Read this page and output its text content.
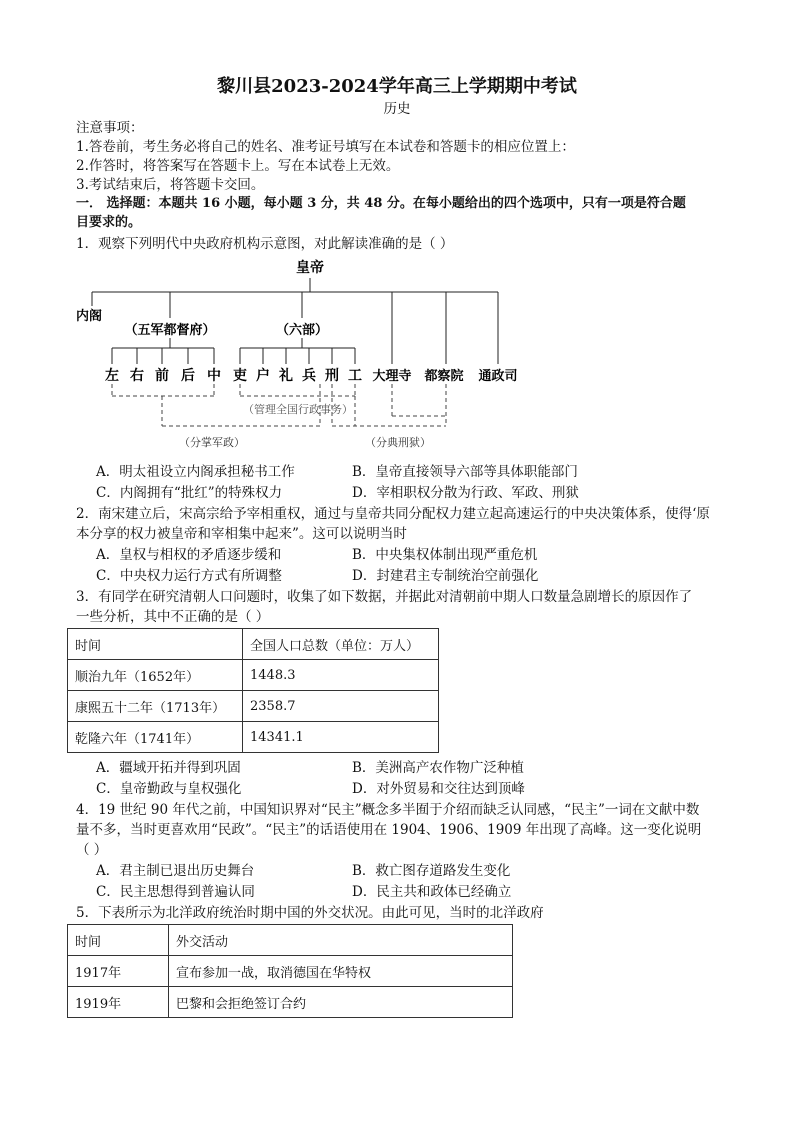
黎川县2023-2024学年高三上学期期中考试
历史
注意事项：
1.答卷前，考生务必将自己的姓名、准考证号填写在本试卷和答题卡的相应位置上：
2.作答时，将答案写在答题卡上。写在本试卷上无效。
3.考试结束后，将答题卡交回。
一． 选择题：本题共 16 小题，每小题 3 分，共 48 分。在每小题给出的四个选项中，只有一项是符合题
目要求的。
1．观察下列明代中央政府机构示意图，对此解读准确的是（ ）
皇帝
内阁
（五军都督府）	（六部）
左 右 前 后 中 吏 户 礼 兵 刑 工 大理寺 都察院 通政司
（管理全国行政事务）
（分掌军政）	（分典刑狱）
A．明太祖设立内阁承担秘书工作	B．皇帝直接领导六部等具体职能部门
C．内阁拥有“批红”的特殊权力	D．宰相职权分散为行政、军政、刑狱
2．南宋建立后，宋高宗给予宰相重权，通过与皇帝共同分配权力建立起高速运行的中央决策体系，使得‘原
本分享的权力被皇帝和宰相集中起来”。这可以说明当时
A．皇权与相权的矛盾逐步缓和	B．中央集权体制出现严重危机
C．中央权力运行方式有所调整	D．封建君主专制统治空前强化
3．有同学在研究清朝人口问题时，收集了如下数据，并据此对清朝前中期人口数量急剧增长的原因作了
一些分析，其中不正确的是（ ）
时间	全国人口总数（单位：万人）
顺治九年（1652年）	1448.3
康熙五十二年（1713年）	2358.7
乾隆六年（1741年）	14341.1
A．疆域开拓并得到巩固	B．美洲高产农作物广泛种植
C．皇帝勤政与皇权强化	D．对外贸易和交往达到顶峰
4．19 世纪 90 年代之前，中国知识界对“民主”概念多半囿于介绍而缺乏认同感，“民主”一词在文献中数
量不多，当时更喜欢用“民政”。“民主”的话语使用在 1904、1906、1909 年出现了高峰。这一变化说明
（ ）
A．君主制已退出历史舞台	B．救亡图存道路发生变化
C．民主思想得到普遍认同	D．民主共和政体已经确立
5．下表所示为北洋政府统治时期中国的外交状况。由此可见，当时的北洋政府
时间	外交活动
1917年	宣布参加一战，取消德国在华特权
1919年	巴黎和会拒绝签订合约
